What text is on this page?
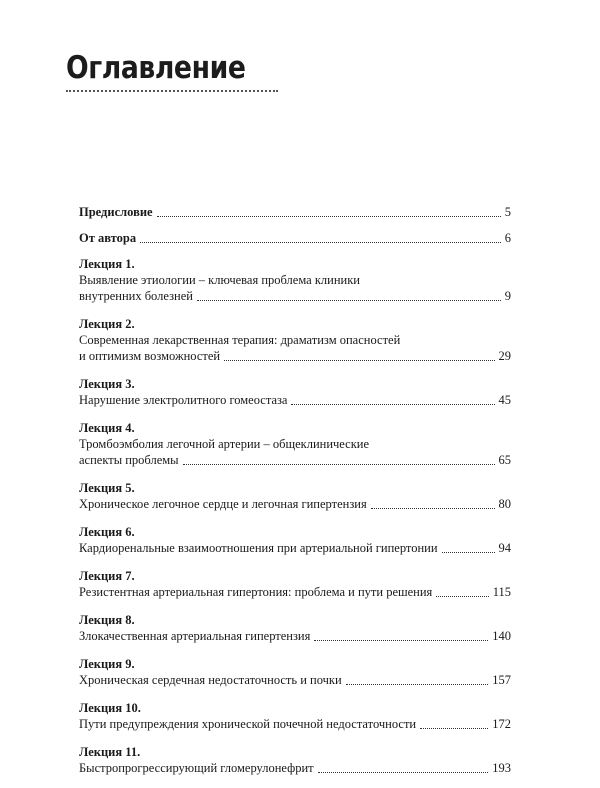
Оглавление
Предисловие	5
От автора	6
Лекция 1.
Выявление этиологии – ключевая проблема клиники
внутренних болезней	9
Лекция 2.
Современная лекарственная терапия: драматизм опасностей
и оптимизм возможностей	29
Лекция 3.
Нарушение электролитного гомеостаза	45
Лекция 4.
Тромбоэмболия легочной артерии – общеклинические
аспекты проблемы	65
Лекция 5.
Хроническое легочное сердце и легочная гипертензия	80
Лекция 6.
Кардиоренальные взаимоотношения при артериальной гипертонии	94
Лекция 7.
Резистентная артериальная гипертония: проблема и пути решения	115
Лекция 8.
Злокачественная артериальная гипертензия	140
Лекция 9.
Хроническая сердечная недостаточность и почки	157
Лекция 10.
Пути предупреждения хронической почечной недостаточности	172
Лекция 11.
Быстропрогрессирующий гломерулонефрит	193
